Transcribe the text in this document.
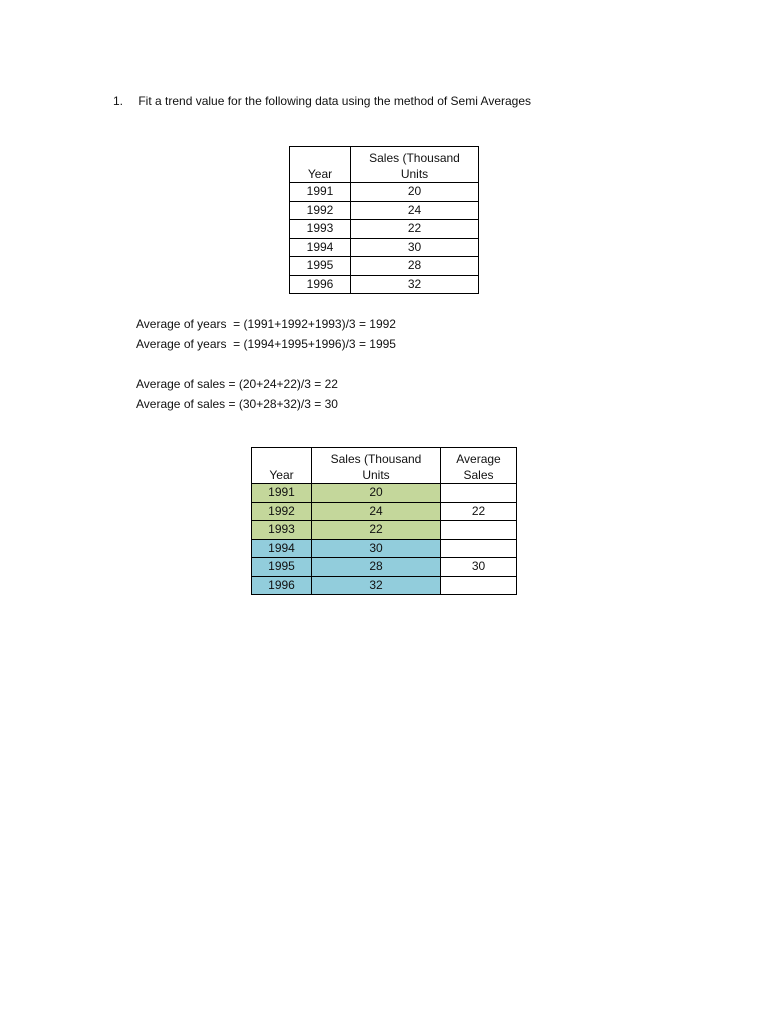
1. Fit a trend value for the following data using the method of Semi Averages
Year	Sales (Thousand
Units
1991	20
1992	24
1993	22
1994	30
1995	28
1996	32
Average of years  = (1991+1992+1993)/3 = 1992
Average of years  = (1994+1995+1996)/3 = 1995
Average of sales = (20+24+22)/3 = 22
Average of sales = (30+28+32)/3 = 30
Year	Sales (Thousand
Units	Average
Sales
1991	20	
1992	24	22
1993	22	
1994	30	
1995	28	30
1996	32	
